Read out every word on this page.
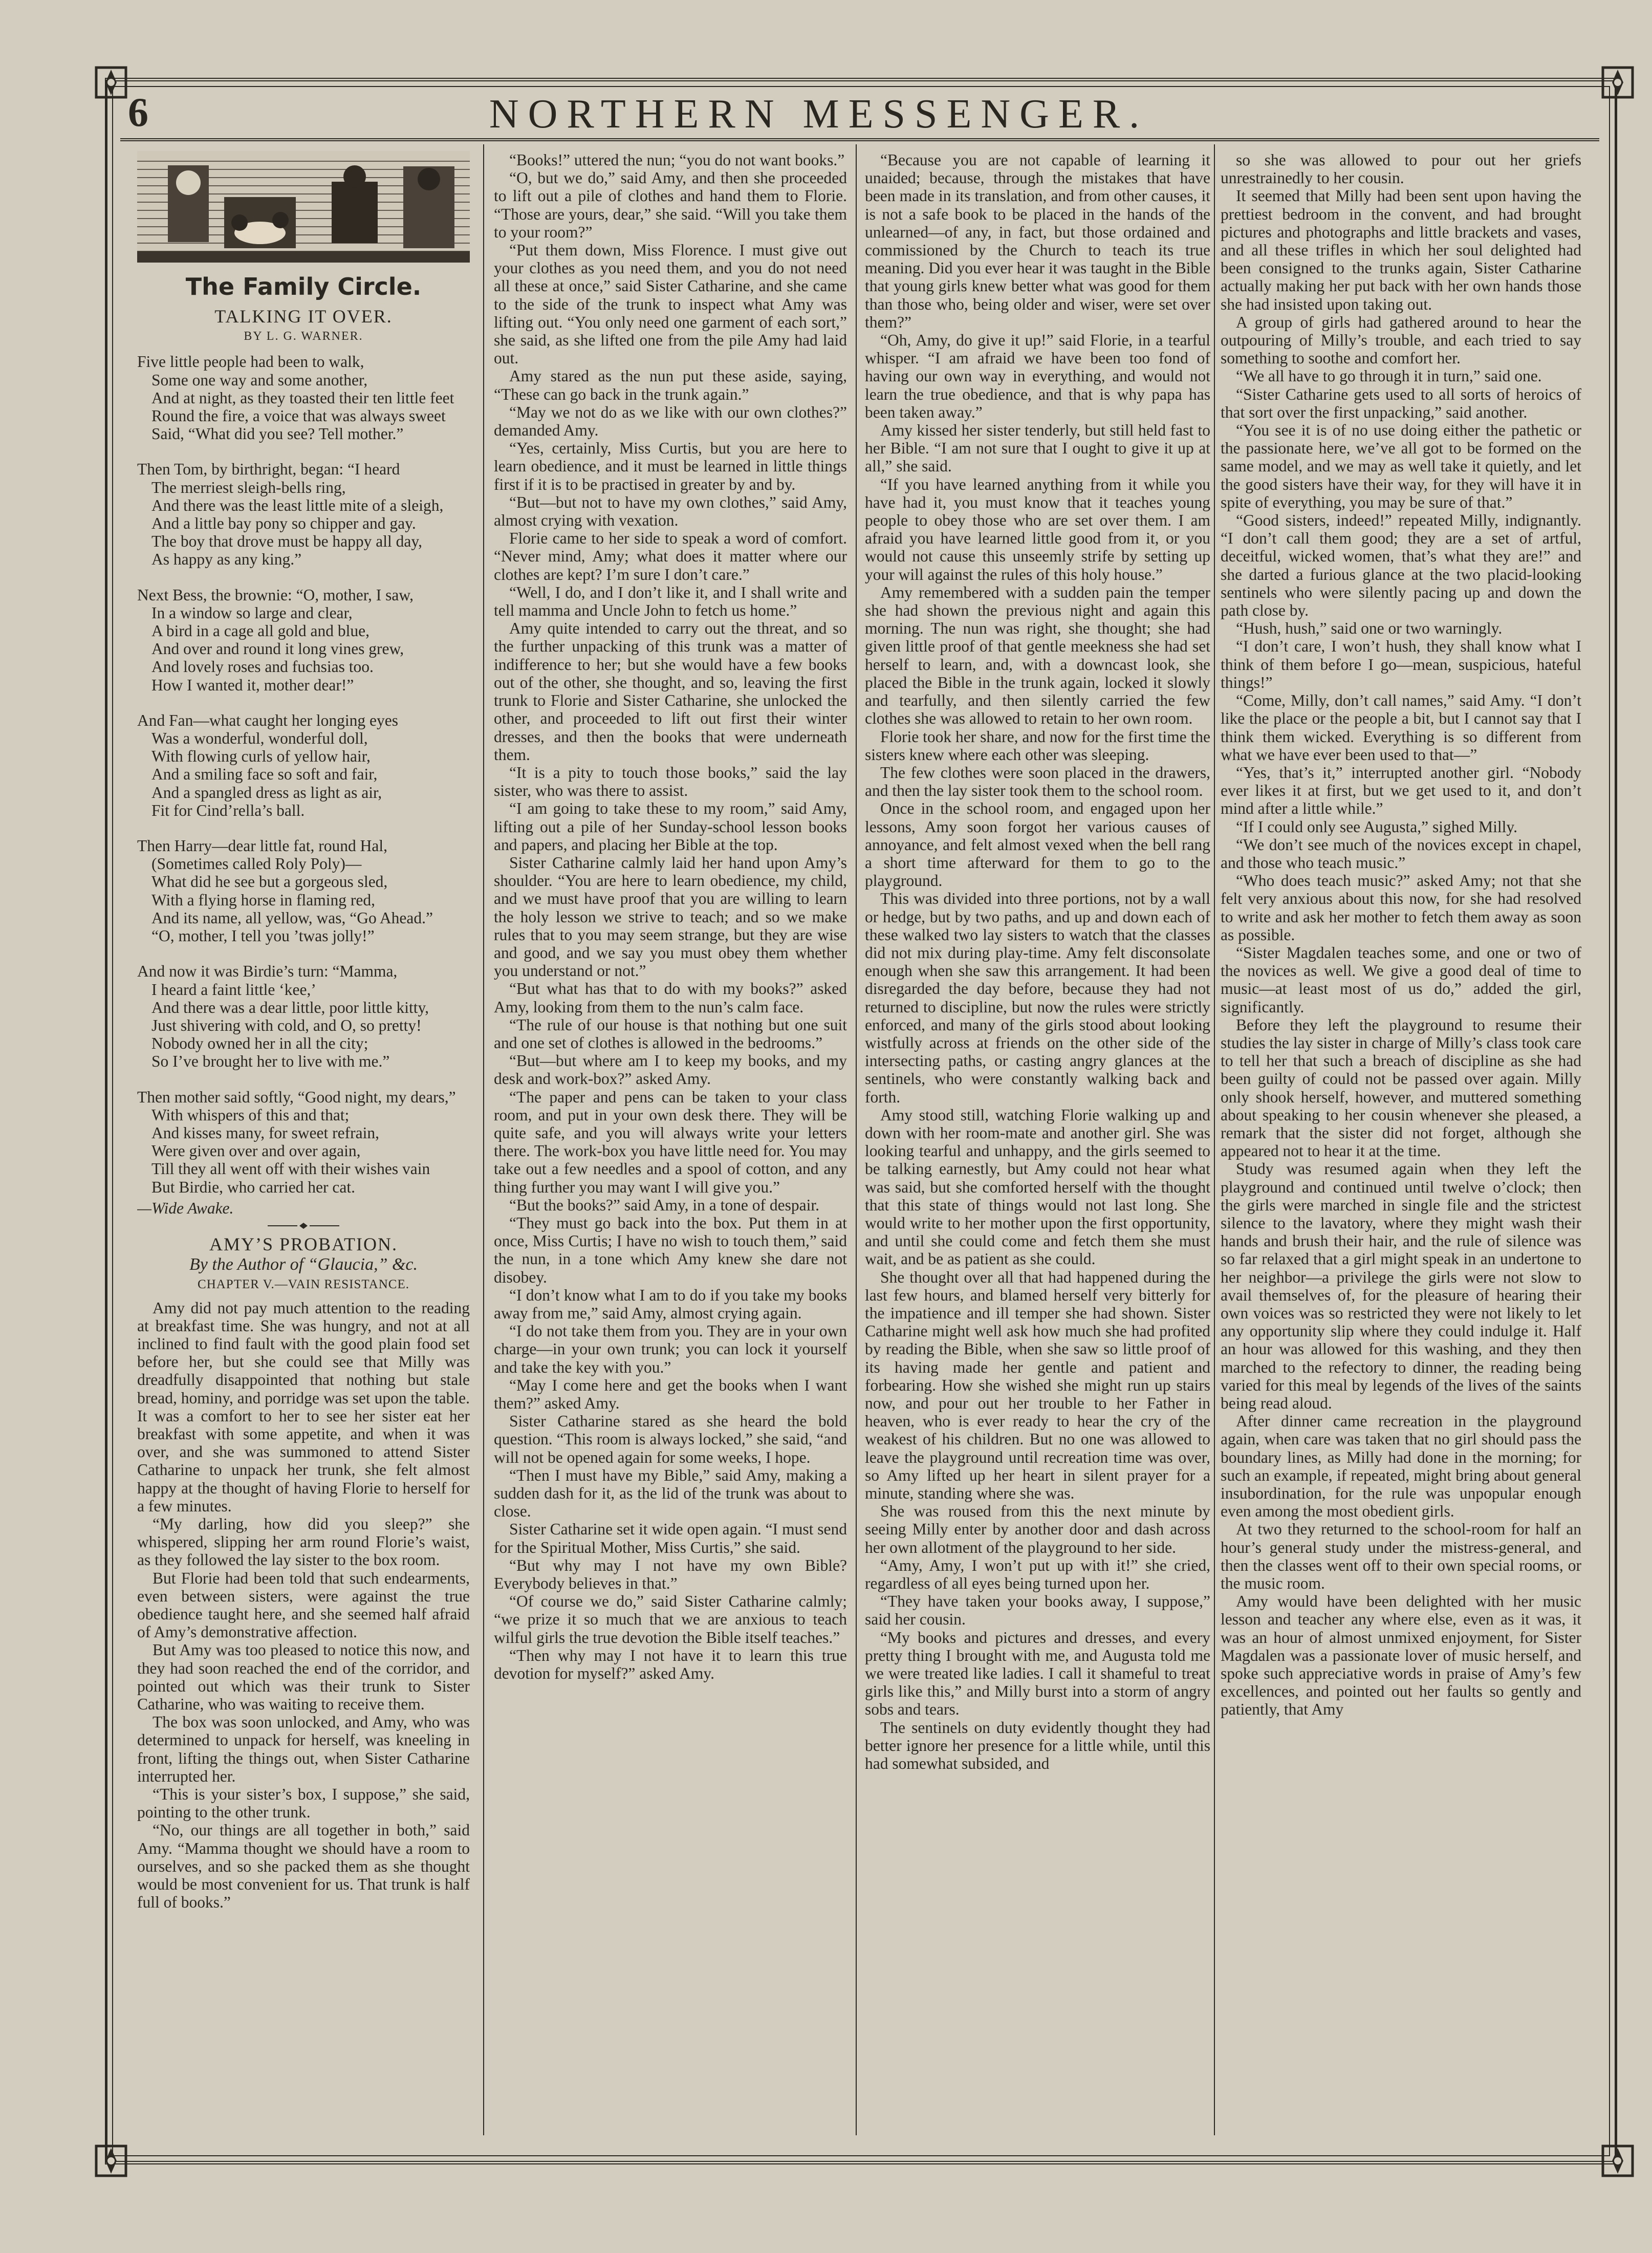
6	NORTHERN MESSENGER.
The Family Circle.
TALKING IT OVER.
BY L. G. WARNER.
Five little people had been to walk,
Some one way and some another,
And at night, as they toasted their ten little feet
Round the fire, a voice that was always sweet
Said, “What did you see? Tell mother.”
Then Tom, by birthright, began: “I heard
The merriest sleigh-bells ring,
And there was the least little mite of a sleigh,
And a little bay pony so chipper and gay.
The boy that drove must be happy all day,
As happy as any king.”
Next Bess, the brownie: “O, mother, I saw,
In a window so large and clear,
A bird in a cage all gold and blue,
And over and round it long vines grew,
And lovely roses and fuchsias too.
How I wanted it, mother dear!”
And Fan—what caught her longing eyes
Was a wonderful, wonderful doll,
With flowing curls of yellow hair,
And a smiling face so soft and fair,
And a spangled dress as light as air,
Fit for Cind’rella’s ball.
Then Harry—dear little fat, round Hal,
(Sometimes called Roly Poly)—
What did he see but a gorgeous sled,
With a flying horse in flaming red,
And its name, all yellow, was, “Go Ahead.”
“O, mother, I tell you ’twas jolly!”
And now it was Birdie’s turn: “Mamma,
I heard a faint little ‘kee,’
And there was a dear little, poor little kitty,
Just shivering with cold, and O, so pretty!
Nobody owned her in all the city;
So I’ve brought her to live with me.”
Then mother said softly, “Good night, my dears,”
With whispers of this and that;
And kisses many, for sweet refrain,
Were given over and over again,
Till they all went off with their wishes vain
But Birdie, who carried her cat.
—Wide Awake.
AMY’S PROBATION.
By the Author of “Glaucia,” &c.
CHAPTER V.—VAIN RESISTANCE.

Amy did not pay much attention to the reading at breakfast time. She was hungry, and not at all inclined to find fault with the good plain food set before her, but she could see that Milly was dreadfully disappointed that nothing but stale bread, hominy, and porridge was set upon the table. It was a comfort to her to see her sister eat her breakfast with some appetite, and when it was over, and she was summoned to attend Sister Catharine to unpack her trunk, she felt almost happy at the thought of having Florie to herself for a few minutes.

“My darling, how did you sleep?” she whispered, slipping her arm round Florie’s waist, as they followed the lay sister to the box room.

But Florie had been told that such endearments, even between sisters, were against the true obedience taught here, and she seemed half afraid of Amy’s demonstrative affection.

But Amy was too pleased to notice this now, and they had soon reached the end of the corridor, and pointed out which was their trunk to Sister Catharine, who was waiting to receive them.

The box was soon unlocked, and Amy, who was determined to unpack for herself, was kneeling in front, lifting the things out, when Sister Catharine interrupted her.

“This is your sister’s box, I suppose,” she said, pointing to the other trunk.

“No, our things are all together in both,” said Amy. “Mamma thought we should have a room to ourselves, and so she packed them as she thought would be most convenient for us. That trunk is half full of books.”

“Books!” uttered the nun; “you do not want books.”

“O, but we do,” said Amy, and then she proceeded to lift out a pile of clothes and hand them to Florie. “Those are yours, dear,” she said. “Will you take them to your room?”

“Put them down, Miss Florence. I must give out your clothes as you need them, and you do not need all these at once,” said Sister Catharine, and she came to the side of the trunk to inspect what Amy was lifting out. “You only need one garment of each sort,” she said, as she lifted one from the pile Amy had laid out.

Amy stared as the nun put these aside, saying, “These can go back in the trunk again.”

“May we not do as we like with our own clothes?” demanded Amy.

“Yes, certainly, Miss Curtis, but you are here to learn obedience, and it must be learned in little things first if it is to be practised in greater by and by.

“But—but not to have my own clothes,” said Amy, almost crying with vexation.

Florie came to her side to speak a word of comfort. “Never mind, Amy; what does it matter where our clothes are kept? I’m sure I don’t care.”

“Well, I do, and I don’t like it, and I shall write and tell mamma and Uncle John to fetch us home.”

Amy quite intended to carry out the threat, and so the further unpacking of this trunk was a matter of indifference to her; but she would have a few books out of the other, she thought, and so, leaving the first trunk to Florie and Sister Catharine, she unlocked the other, and proceeded to lift out first their winter dresses, and then the books that were underneath them.

“It is a pity to touch those books,” said the lay sister, who was there to assist.

“I am going to take these to my room,” said Amy, lifting out a pile of her Sunday-school lesson books and papers, and placing her Bible at the top.

Sister Catharine calmly laid her hand upon Amy’s shoulder. “You are here to learn obedience, my child, and we must have proof that you are willing to learn the holy lesson we strive to teach; and so we make rules that to you may seem strange, but they are wise and good, and we say you must obey them whether you understand or not.”

“But what has that to do with my books?” asked Amy, looking from them to the nun’s calm face.

“The rule of our house is that nothing but one suit and one set of clothes is allowed in the bedrooms.”

“But—but where am I to keep my books, and my desk and work-box?” asked Amy.

“The paper and pens can be taken to your class room, and put in your own desk there. They will be quite safe, and you will always write your letters there. The work-box you have little need for. You may take out a few needles and a spool of cotton, and any thing further you may want I will give you.”

“But the books?” said Amy, in a tone of despair.

“They must go back into the box. Put them in at once, Miss Curtis; I have no wish to touch them,” said the nun, in a tone which Amy knew she dare not disobey.

“I don’t know what I am to do if you take my books away from me,” said Amy, almost crying again.

“I do not take them from you. They are in your own charge—in your own trunk; you can lock it yourself and take the key with you.”

“May I come here and get the books when I want them?” asked Amy.

Sister Catharine stared as she heard the bold question. “This room is always locked,” she said, “and will not be opened again for some weeks, I hope.

“Then I must have my Bible,” said Amy, making a sudden dash for it, as the lid of the trunk was about to close.

Sister Catharine set it wide open again. “I must send for the Spiritual Mother, Miss Curtis,” she said.

“But why may I not have my own Bible? Everybody believes in that.”

“Of course we do,” said Sister Catharine calmly; “we prize it so much that we are anxious to teach wilful girls the true devotion the Bible itself teaches.”

“Then why may I not have it to learn this true devotion for myself?” asked Amy.

“Because you are not capable of learning it unaided; because, through the mistakes that have been made in its translation, and from other causes, it is not a safe book to be placed in the hands of the unlearned—of any, in fact, but those ordained and commissioned by the Church to teach its true meaning. Did you ever hear it was taught in the Bible that young girls knew better what was good for them than those who, being older and wiser, were set over them?”

“Oh, Amy, do give it up!” said Florie, in a tearful whisper. “I am afraid we have been too fond of having our own way in everything, and would not learn the true obedience, and that is why papa has been taken away.”

Amy kissed her sister tenderly, but still held fast to her Bible. “I am not sure that I ought to give it up at all,” she said.

“If you have learned anything from it while you have had it, you must know that it teaches young people to obey those who are set over them. I am afraid you have learned little good from it, or you would not cause this unseemly strife by setting up your will against the rules of this holy house.”

Amy remembered with a sudden pain the temper she had shown the previous night and again this morning. The nun was right, she thought; she had given little proof of that gentle meekness she had set herself to learn, and, with a downcast look, she placed the Bible in the trunk again, locked it slowly and tearfully, and then silently carried the few clothes she was allowed to retain to her own room.

Florie took her share, and now for the first time the sisters knew where each other was sleeping.

The few clothes were soon placed in the drawers, and then the lay sister took them to the school room.

Once in the school room, and engaged upon her lessons, Amy soon forgot her various causes of annoyance, and felt almost vexed when the bell rang a short time afterward for them to go to the playground.

This was divided into three portions, not by a wall or hedge, but by two paths, and up and down each of these walked two lay sisters to watch that the classes did not mix during play-time. Amy felt disconsolate enough when she saw this arrangement. It had been disregarded the day before, because they had not returned to discipline, but now the rules were strictly enforced, and many of the girls stood about looking wistfully across at friends on the other side of the intersecting paths, or casting angry glances at the sentinels, who were constantly walking back and forth.

Amy stood still, watching Florie walking up and down with her room-mate and another girl. She was looking tearful and unhappy, and the girls seemed to be talking earnestly, but Amy could not hear what was said, but she comforted herself with the thought that this state of things would not last long. She would write to her mother upon the first opportunity, and until she could come and fetch them she must wait, and be as patient as she could.

She thought over all that had happened during the last few hours, and blamed herself very bitterly for the impatience and ill temper she had shown. Sister Catharine might well ask how much she had profited by reading the Bible, when she saw so little proof of its having made her gentle and patient and forbearing. How she wished she might run up stairs now, and pour out her trouble to her Father in heaven, who is ever ready to hear the cry of the weakest of his children. But no one was allowed to leave the playground until recreation time was over, so Amy lifted up her heart in silent prayer for a minute, standing where she was.

She was roused from this the next minute by seeing Milly enter by another door and dash across her own allotment of the playground to her side.

“Amy, Amy, I won’t put up with it!” she cried, regardless of all eyes being turned upon her.

“They have taken your books away, I suppose,” said her cousin.

“My books and pictures and dresses, and every pretty thing I brought with me, and Augusta told me we were treated like ladies. I call it shameful to treat girls like this,” and Milly burst into a storm of angry sobs and tears.

The sentinels on duty evidently thought they had better ignore her presence for a little while, until this had somewhat subsided, and

so she was allowed to pour out her griefs unrestrainedly to her cousin.

It seemed that Milly had been sent upon having the prettiest bedroom in the convent, and had brought pictures and photographs and little brackets and vases, and all these trifles in which her soul delighted had been consigned to the trunks again, Sister Catharine actually making her put back with her own hands those she had insisted upon taking out.

A group of girls had gathered around to hear the outpouring of Milly’s trouble, and each tried to say something to soothe and comfort her.

“We all have to go through it in turn,” said one.

“Sister Catharine gets used to all sorts of heroics of that sort over the first unpacking,” said another.

“You see it is of no use doing either the pathetic or the passionate here, we’ve all got to be formed on the same model, and we may as well take it quietly, and let the good sisters have their way, for they will have it in spite of everything, you may be sure of that.”

“Good sisters, indeed!” repeated Milly, indignantly. “I don’t call them good; they are a set of artful, deceitful, wicked women, that’s what they are!” and she darted a furious glance at the two placid-looking sentinels who were silently pacing up and down the path close by.

“Hush, hush,” said one or two warningly.

“I don’t care, I won’t hush, they shall know what I think of them before I go—mean, suspicious, hateful things!”

“Come, Milly, don’t call names,” said Amy. “I don’t like the place or the people a bit, but I cannot say that I think them wicked. Everything is so different from what we have ever been used to that—”

“Yes, that’s it,” interrupted another girl. “Nobody ever likes it at first, but we get used to it, and don’t mind after a little while.”

“If I could only see Augusta,” sighed Milly.

“We don’t see much of the novices except in chapel, and those who teach music.”

“Who does teach music?” asked Amy; not that she felt very anxious about this now, for she had resolved to write and ask her mother to fetch them away as soon as possible.

“Sister Magdalen teaches some, and one or two of the novices as well. We give a good deal of time to music—at least most of us do,” added the girl, significantly.

Before they left the playground to resume their studies the lay sister in charge of Milly’s class took care to tell her that such a breach of discipline as she had been guilty of could not be passed over again. Milly only shook herself, however, and muttered something about speaking to her cousin whenever she pleased, a remark that the sister did not forget, although she appeared not to hear it at the time.

Study was resumed again when they left the playground and continued until twelve o’clock; then the girls were marched in single file and the strictest silence to the lavatory, where they might wash their hands and brush their hair, and the rule of silence was so far relaxed that a girl might speak in an undertone to her neighbor—a privilege the girls were not slow to avail themselves of, for the pleasure of hearing their own voices was so restricted they were not likely to let any opportunity slip where they could indulge it. Half an hour was allowed for this washing, and they then marched to the refectory to dinner, the reading being varied for this meal by legends of the lives of the saints being read aloud.

After dinner came recreation in the playground again, when care was taken that no girl should pass the boundary lines, as Milly had done in the morning; for such an example, if repeated, might bring about general insubordination, for the rule was unpopular enough even among the most obedient girls.

At two they returned to the school-room for half an hour’s general study under the mistress-general, and then the classes went off to their own special rooms, or the music room.

Amy would have been delighted with her music lesson and teacher any where else, even as it was, it was an hour of almost unmixed enjoyment, for Sister Magdalen was a passionate lover of music herself, and spoke such appreciative words in praise of Amy’s few excellences, and pointed out her faults so gently and patiently, that Amy
